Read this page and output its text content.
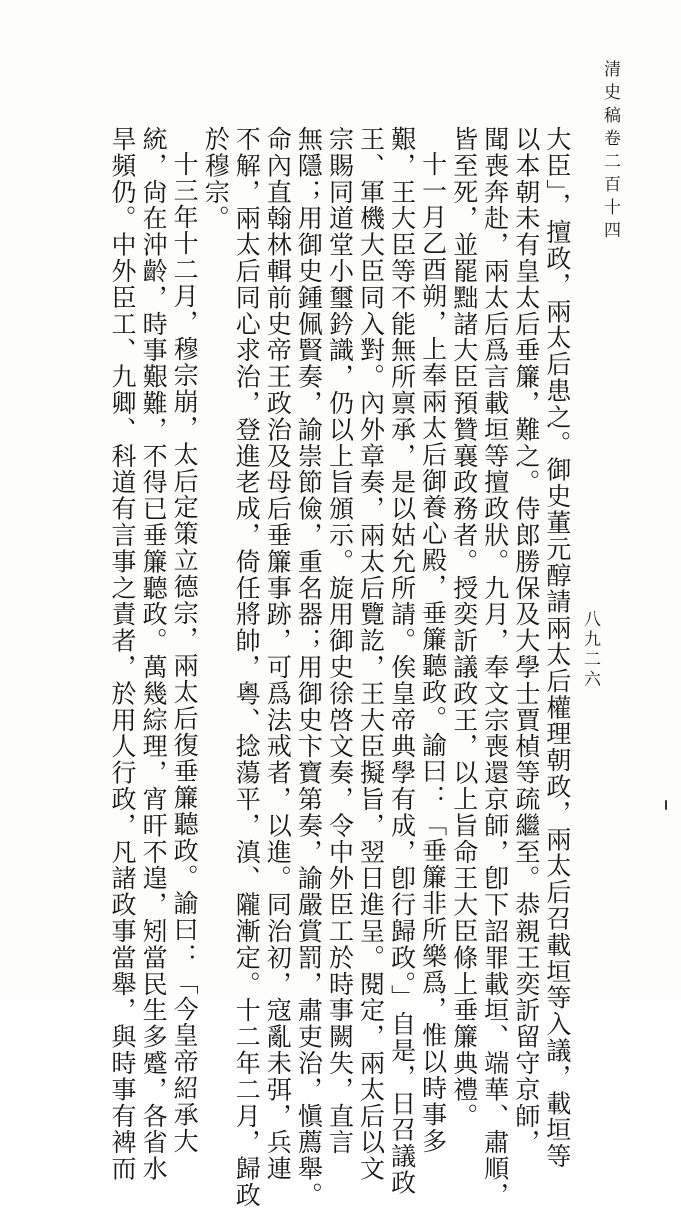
清史稿卷二百十四
八九二六
大臣」，擅政，兩太后患之。御史董元醇請兩太后權理朝政，兩太后召載垣等入議，載垣等
以本朝未有皇太后垂簾，難之。侍郎勝保及大學士賈楨等疏繼至。恭親王奕訢留守京師，
聞喪奔赴，兩太后爲言載垣等擅政狀。九月，奉文宗喪還京師，卽下詔罪載垣、端華、肅順，
皆至死，並罷黜諸大臣預贊襄政務者。授奕訢議政王，以上旨命王大臣條上垂簾典禮。
十一月乙酉朔，上奉兩太后御養心殿，垂簾聽政。諭曰：「垂簾非所樂爲，惟以時事多
艱，王大臣等不能無所禀承，是以姑允所請。俟皇帝典學有成，卽行歸政。」自是，日召議政
王、軍機大臣同入對。內外章奏，兩太后覽訖，王大臣擬旨，翌日進呈。閱定，兩太后以文
宗賜同道堂小璽鈐識，仍以上旨頒示。旋用御史徐啓文奏，令中外臣工於時事闕失，直言
無隱；用御史鍾佩賢奏，諭崇節儉，重名器；用御史卞寶第奏，諭嚴賞罰，肅吏治，愼薦舉。
命內直翰林輯前史帝王政治及母后垂簾事跡，可爲法戒者，以進。同治初，寇亂未弭，兵連
不解，兩太后同心求治，登進老成，倚任將帥，粵、捻蕩平，滇、隴漸定。十二年二月，歸政
於穆宗。
十三年十二月，穆宗崩，太后定策立德宗，兩太后復垂簾聽政。諭曰：「今皇帝紹承大
統，尙在沖齡，時事艱難，不得已垂簾聽政。萬幾綜理，宵旰不遑，矧當民生多蹙，各省水
旱頻仍。中外臣工、九卿、科道有言事之責者，於用人行政，凡諸政事當舉，與時事有裨而
